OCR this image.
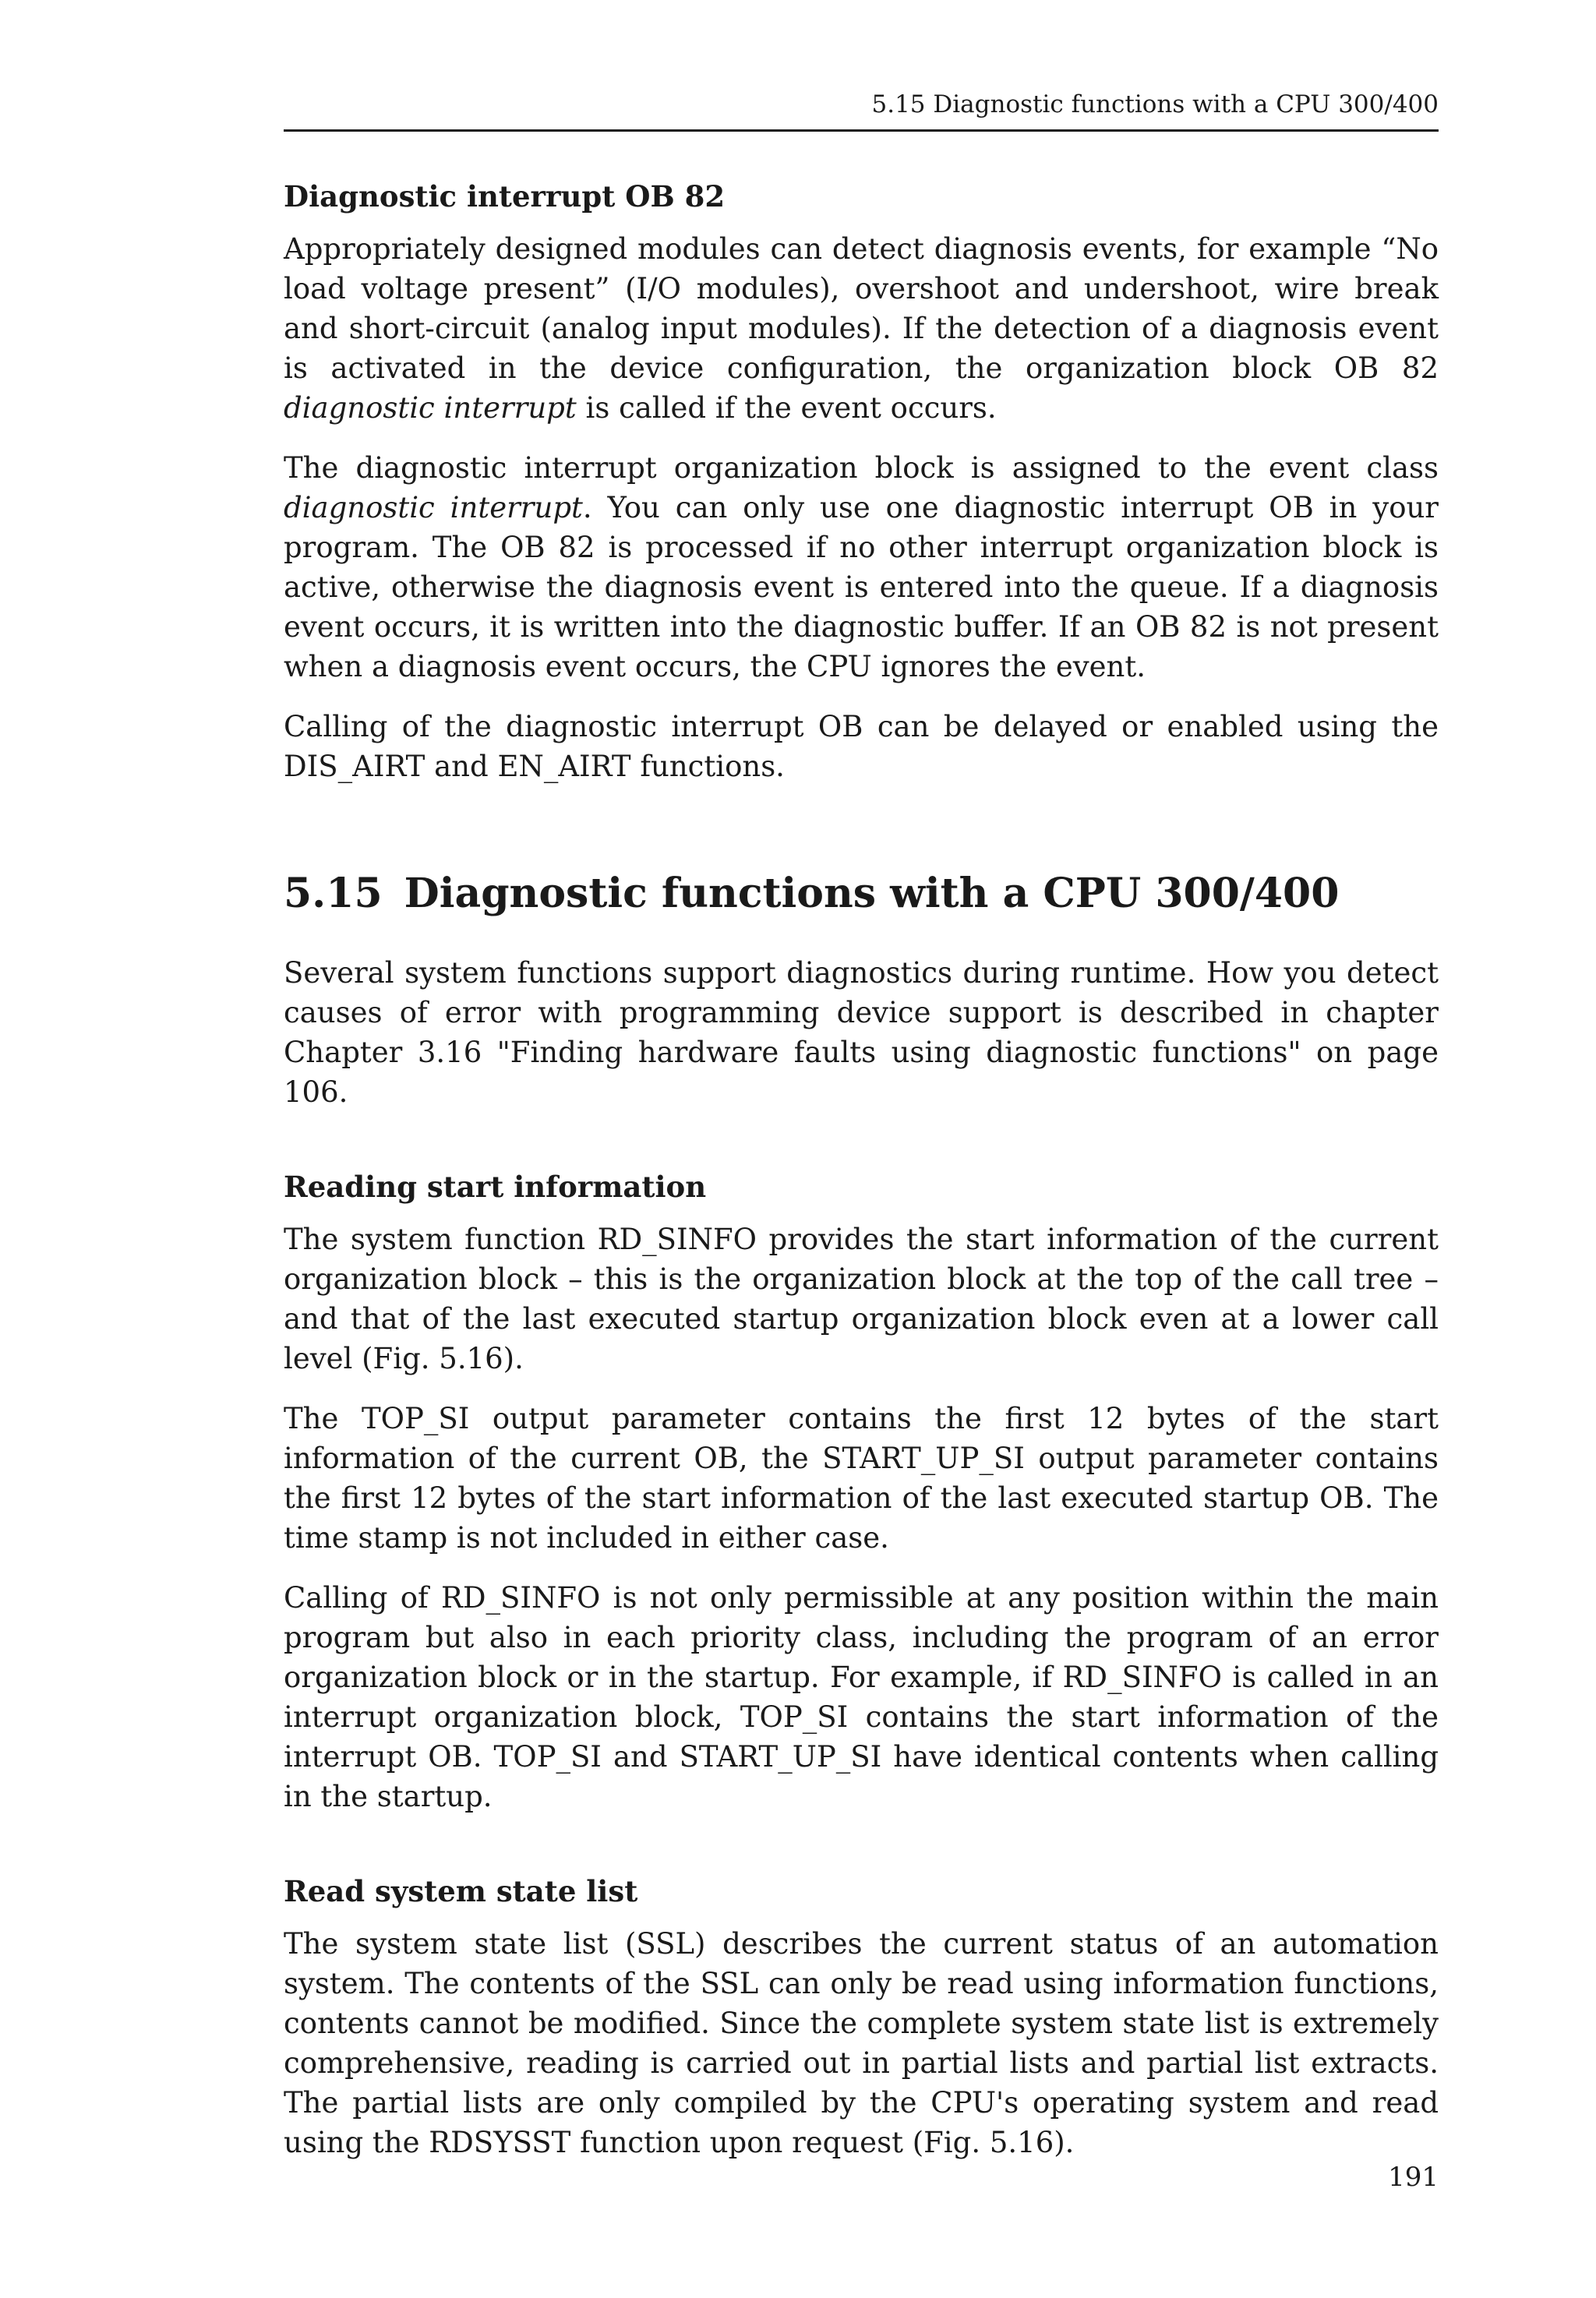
5.15 Diagnostic functions with a CPU 300/400
Diagnostic interrupt OB 82

Appropriately designed modules can detect diagnosis events, for example “No load voltage present” (I/O modules), overshoot and undershoot, wire break and short-circuit (analog input modules). If the detection of a diagnosis event is activated in the device configuration, the organization block OB 82 diagnostic interrupt is called if the event occurs.

The diagnostic interrupt organization block is assigned to the event class diagnostic interrupt. You can only use one diagnostic interrupt OB in your program. The OB 82 is processed if no other interrupt organization block is active, otherwise the diagnosis event is entered into the queue. If a diagnosis event occurs, it is written into the diagnostic buffer. If an OB 82 is not present when a diagnosis event occurs, the CPU ignores the event.

Calling of the diagnostic interrupt OB can be delayed or enabled using the DIS_AIRT and EN_AIRT functions.

5.15 Diagnostic functions with a CPU 300/400

Several system functions support diagnostics during runtime. How you detect causes of error with programming device support is described in chapter Chapter 3.16 "Finding hardware faults using diagnostic functions" on page 106.

Reading start information

The system function RD_SINFO provides the start information of the current organization block – this is the organization block at the top of the call tree – and that of the last executed startup organization block even at a lower call level (Fig. 5.16).

The TOP_SI output parameter contains the first 12 bytes of the start information of the current OB, the START_UP_SI output parameter contains the first 12 bytes of the start information of the last executed startup OB. The time stamp is not included in either case.

Calling of RD_SINFO is not only permissible at any position within the main program but also in each priority class, including the program of an error organization block or in the startup. For example, if RD_SINFO is called in an interrupt organization block, TOP_SI contains the start information of the interrupt OB. TOP_SI and START_UP_SI have identical contents when calling in the startup.

Read system state list

The system state list (SSL) describes the current status of an automation system. The contents of the SSL can only be read using information functions, contents cannot be modified. Since the complete system state list is extremely comprehensive, reading is carried out in partial lists and partial list extracts. The partial lists are only compiled by the CPU's operating system and read using the RDSYSST function upon request (Fig. 5.16).

191
